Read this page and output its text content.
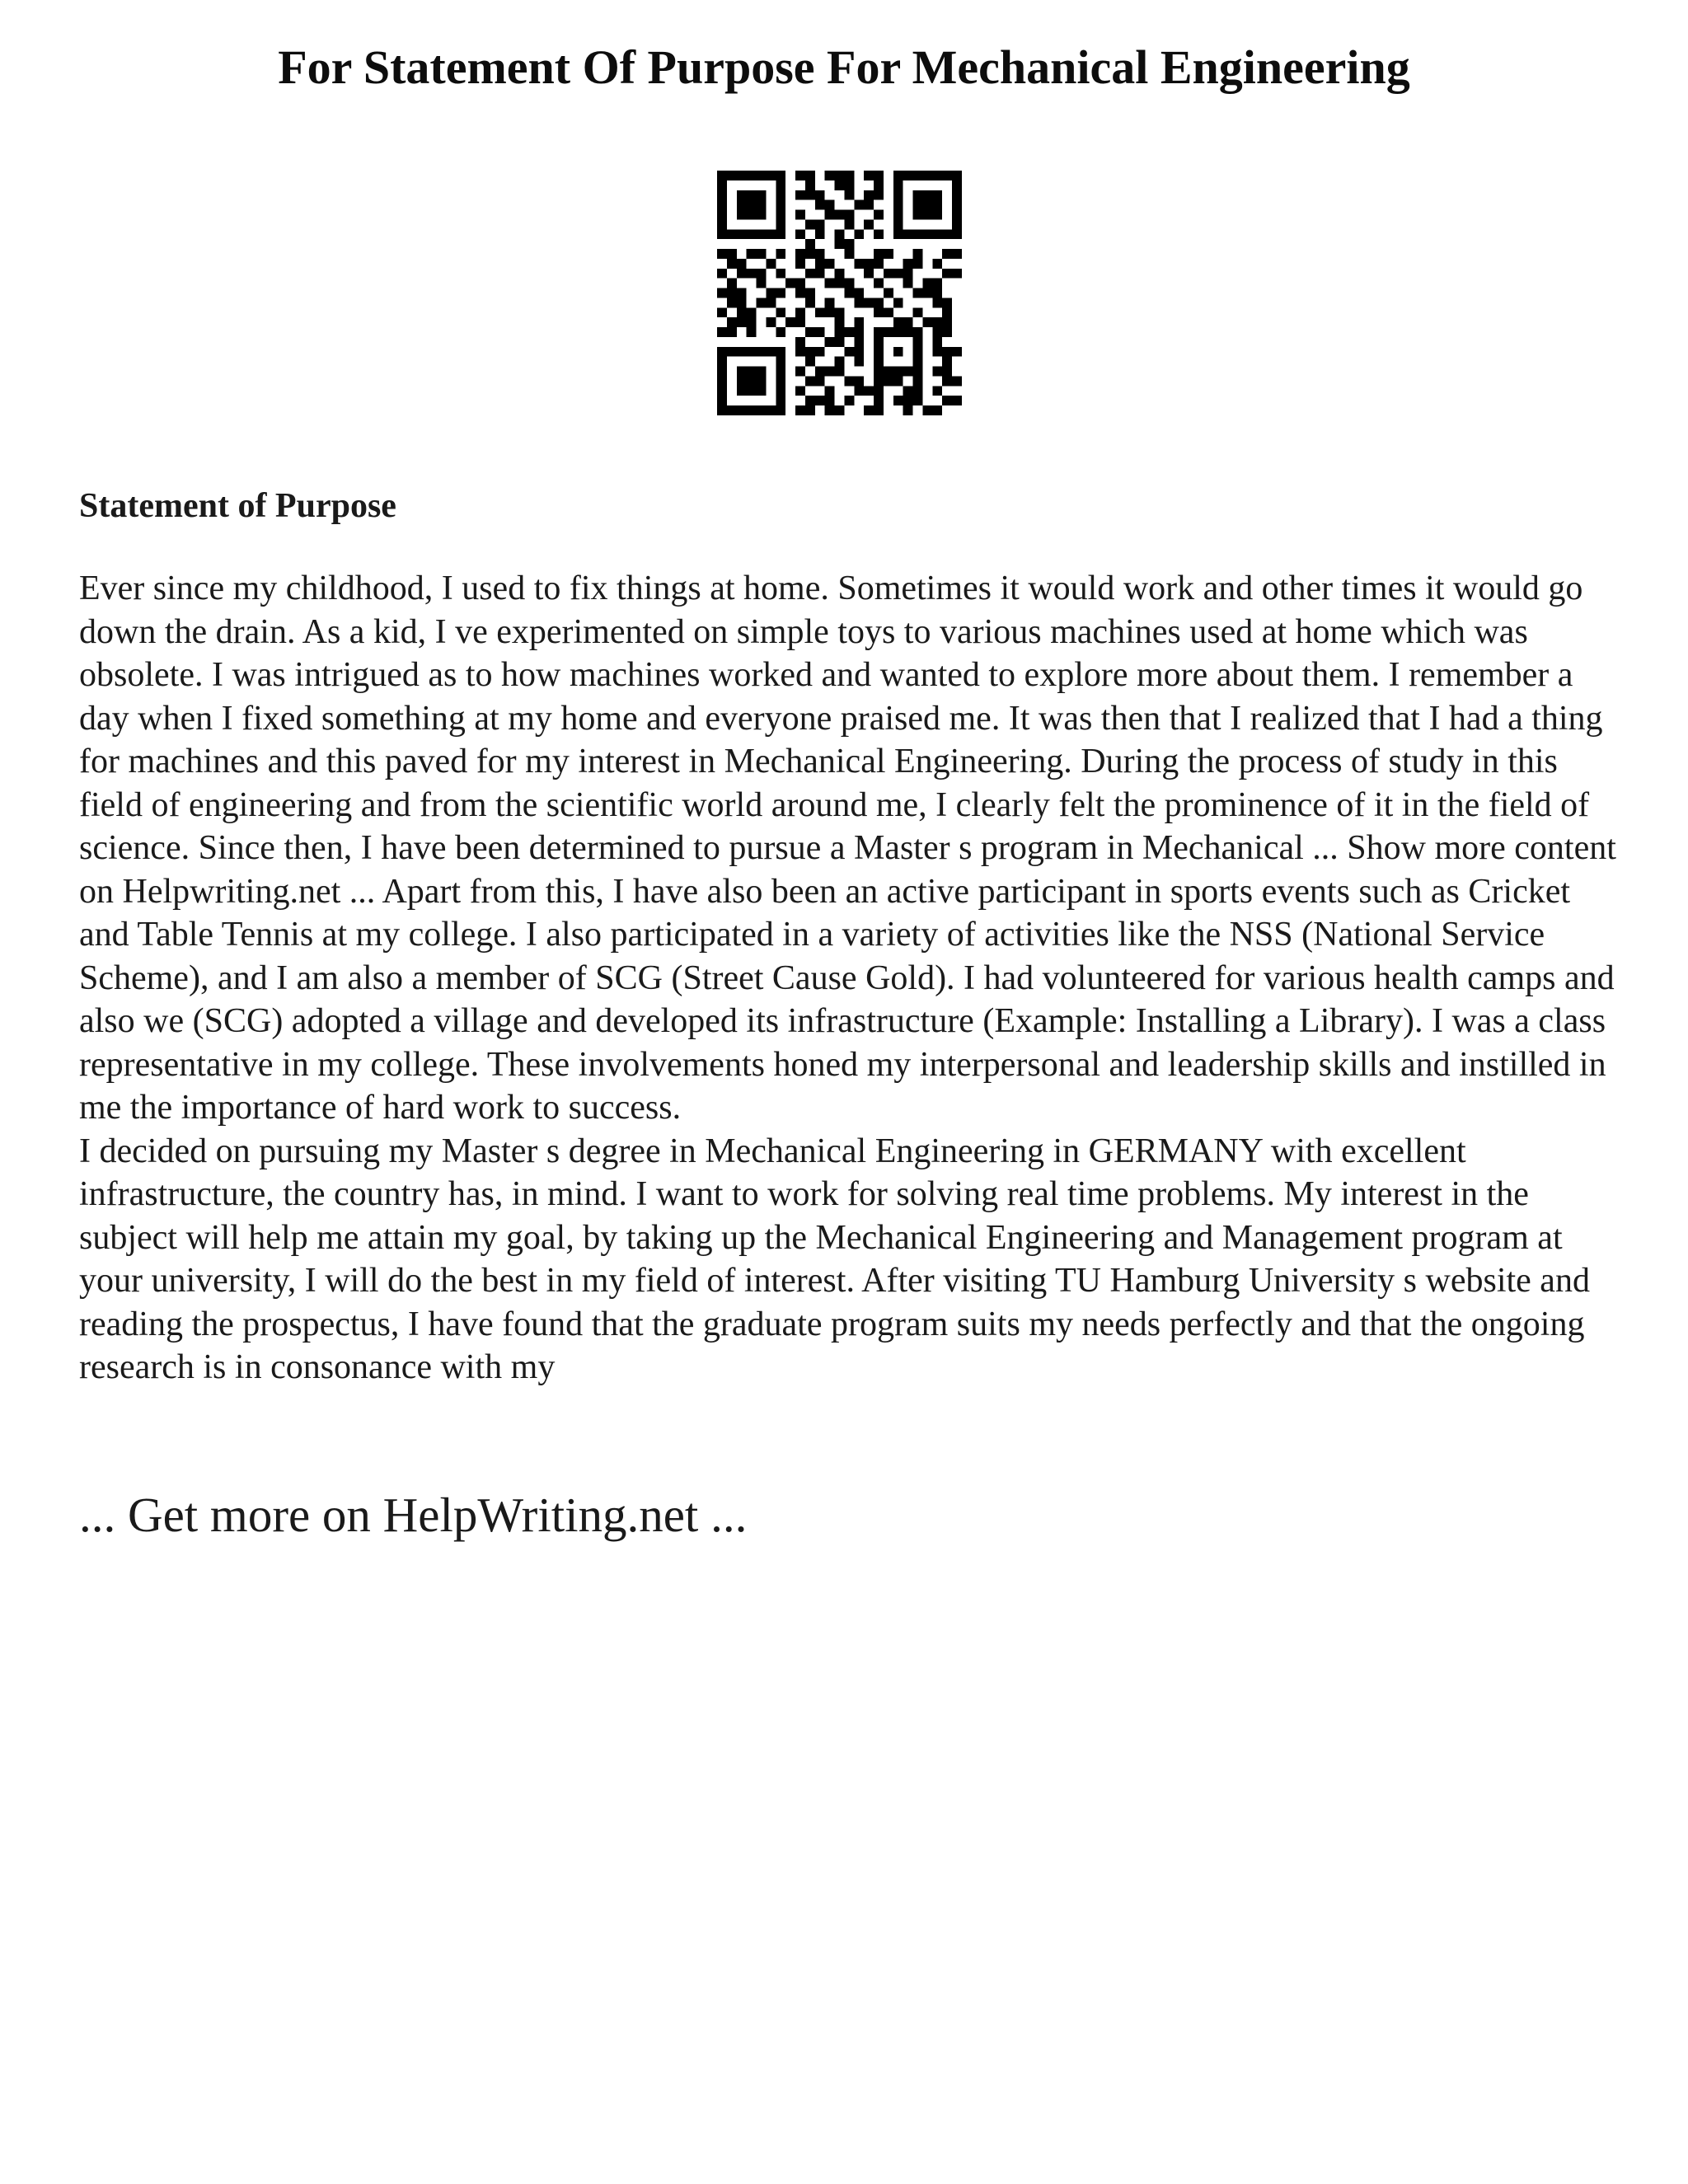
For Statement Of Purpose For Mechanical Engineering
Statement of Purpose

Ever since my childhood, I used to fix things at home. Sometimes it would work and other times it would go down the drain. As a kid, I ve experimented on simple toys to various machines used at home which was obsolete. I was intrigued as to how machines worked and wanted to explore more about them. I remember a day when I fixed something at my home and everyone praised me. It was then that I realized that I had a thing for machines and this paved for my interest in Mechanical Engineering. During the process of study in this field of engineering and from the scientific world around me, I clearly felt the prominence of it in the field of science. Since then, I have been determined to pursue a Master s program in Mechanical ... Show more content on Helpwriting.net ... Apart from this, I have also been an active participant in sports events such as Cricket and Table Tennis at my college. I also participated in a variety of activities like the NSS (National Service Scheme), and I am also a member of SCG (Street Cause Gold). I had volunteered for various health camps and also we (SCG) adopted a village and developed its infrastructure (Example: Installing a Library). I was a class representative in my college. These involvements honed my interpersonal and leadership skills and instilled in me the importance of hard work to success.

I decided on pursuing my Master s degree in Mechanical Engineering in GERMANY with excellent infrastructure, the country has, in mind. I want to work for solving real time problems. My interest in the subject will help me attain my goal, by taking up the Mechanical Engineering and Management program at your university, I will do the best in my field of interest. After visiting TU Hamburg University s website and reading the prospectus, I have found that the graduate program suits my needs perfectly and that the ongoing research is in consonance with my

... Get more on HelpWriting.net ...
